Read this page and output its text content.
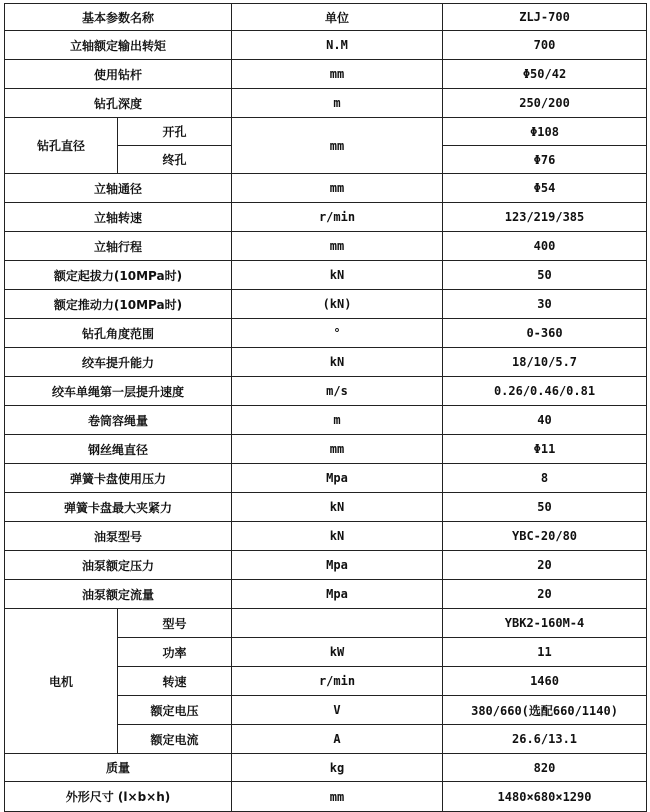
基本参数名称		单位	ZLJ-700
立轴额定输出转矩		N.M	700
使用钻杆		mm	Φ50/42
钻孔深度		m	250/200
钻孔直径	开孔	mm	Φ108
	终孔		Φ76
立轴通径		mm	Φ54
立轴转速		r/min	123/219/385
立轴行程		mm	400
额定起拔力(10MPa时)		kN	50
额定推动力(10MPa时)		(kN)	30
钻孔角度范围		°	0-360
绞车提升能力		kN	18/10/5.7
绞车单绳第一层提升速度		m/s	0.26/0.46/0.81
卷筒容绳量		m	40
钢丝绳直径		mm	Φ11
弹簧卡盘使用压力		Mpa	8
弹簧卡盘最大夹紧力		kN	50
油泵型号		kN	YBC-20/80
油泵额定压力		Mpa	20
油泵额定流量		Mpa	20
电机	型号		YBK2-160M-4
	功率	kW	11
	转速	r/min	1460
	额定电压	V	380/660(选配660/1140)
	额定电流	A	26.6/13.1
质量		kg	820
外形尺寸 (l×b×h)		mm	1480×680×1290
